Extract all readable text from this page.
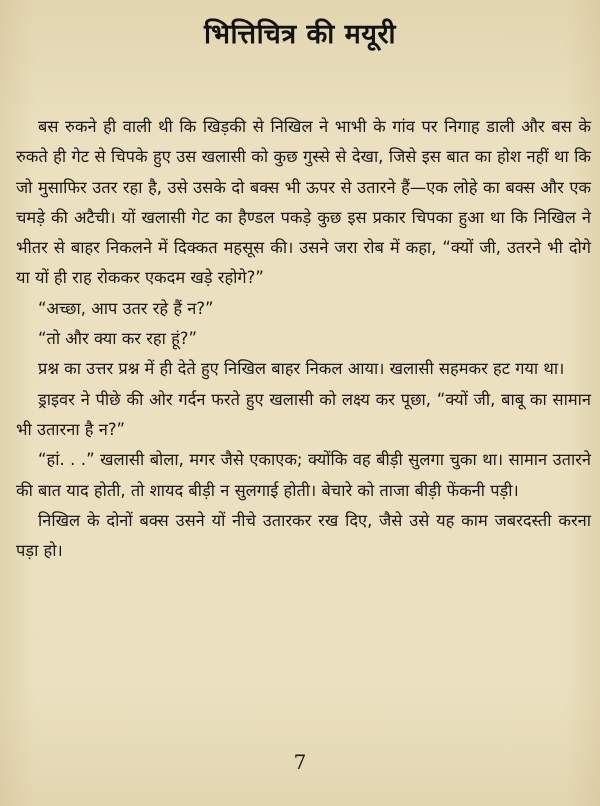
भित्तिचित्र की मयूरी

बस रुकने ही वाली थी कि खिड़की से निखिल ने भाभी के गांव पर निगाह डाली और बस के रुकते ही गेट से चिपके हुए उस खलासी को कुछ गुस्से से देखा, जिसे इस बात का होश नहीं था कि जो मुसाफिर उतर रहा है, उसे उसके दो बक्स भी ऊपर से उतारने हैं—एक लोहे का बक्स और एक चमड़े की अटैची। यों खलासी गेट का हैण्डल पकड़े कुछ इस प्रकार चिपका हुआ था कि निखिल ने भीतर से बाहर निकलने में दिक्कत महसूस की। उसने जरा रोब में कहा, “क्यों जी, उतरने भी दोगे या यों ही राह रोककर एकदम खड़े रहोगे?”

“अच्छा, आप उतर रहे हैं न?”

“तो और क्या कर रहा हूं?”

प्रश्न का उत्तर प्रश्न में ही देते हुए निखिल बाहर निकल आया। खलासी सहमकर हट गया था।

ड्राइवर ने पीछे की ओर गर्दन फरते हुए खलासी को लक्ष्य कर पूछा, “क्यों जी, बाबू का सामान भी उतारना है न?”

“हां. . .” खलासी बोला, मगर जैसे एकाएक; क्योंकि वह बीड़ी सुलगा चुका था। सामान उतारने की बात याद होती, तो शायद बीड़ी न सुलगाई होती। बेचारे को ताजा बीड़ी फेंकनी पड़ी।

निखिल के दोनों बक्स उसने यों नीचे उतारकर रख दिए, जैसे उसे यह काम जबरदस्ती करना पड़ा हो।

7
